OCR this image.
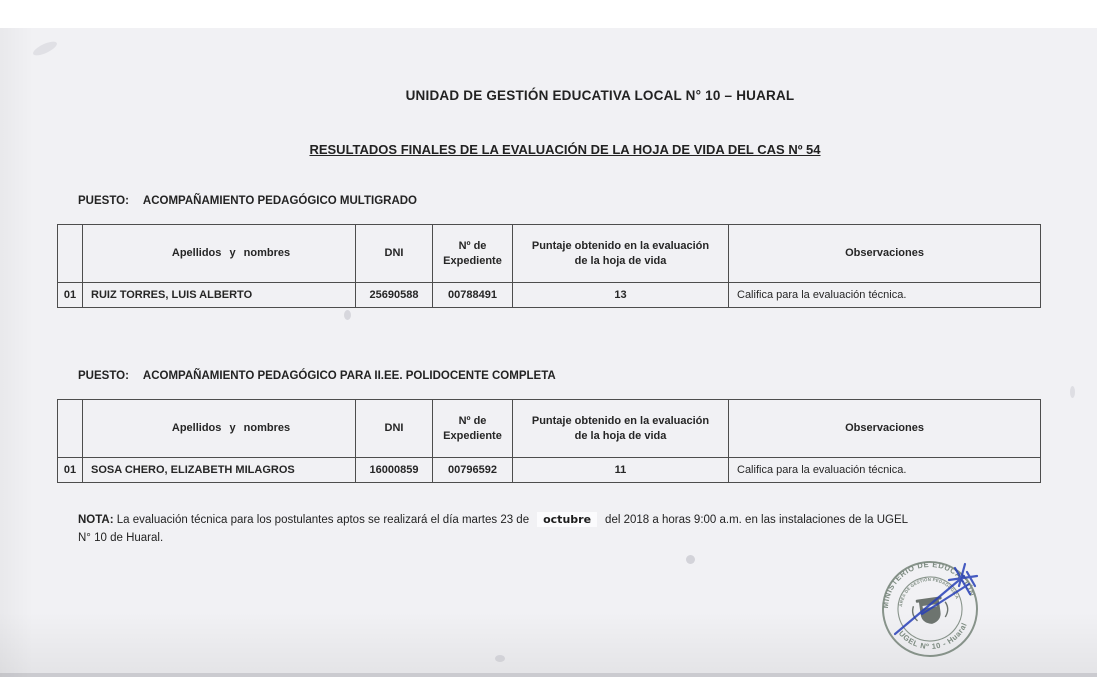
UNIDAD DE GESTIÓN EDUCATIVA LOCAL N° 10 – HUARAL
RESULTADOS FINALES DE LA EVALUACIÓN DE LA HOJA DE VIDA DEL CAS Nº 54
PUESTO: ACOMPAÑAMIENTO PEDAGÓGICO MULTIGRADO
	Apellidos y nombres	DNI	Nº de Expediente	Puntaje obtenido en la evaluación de la hoja de vida	Observaciones
01	RUIZ TORRES, LUIS ALBERTO	25690588	00788491	13	Califica para la evaluación técnica.
PUESTO: ACOMPAÑAMIENTO PEDAGÓGICO PARA II.EE. POLIDOCENTE COMPLETA
	Apellidos y nombres	DNI	Nº de Expediente	Puntaje obtenido en la evaluación de la hoja de vida	Observaciones
01	SOSA CHERO, ELIZABETH MILAGROS	16000859	00796592	11	Califica para la evaluación técnica.
NOTA: La evaluación técnica para los postulantes aptos se realizará el día martes 23 de octubre del 2018 a horas 9:00 a.m. en las instalaciones de la UGEL
N° 10 de Huaral.
MINISTERIO DE EDUCACIÓN
UGEL Nº 10 - Huaral
ÁREA DE GESTIÓN PEDAGÓGICA
